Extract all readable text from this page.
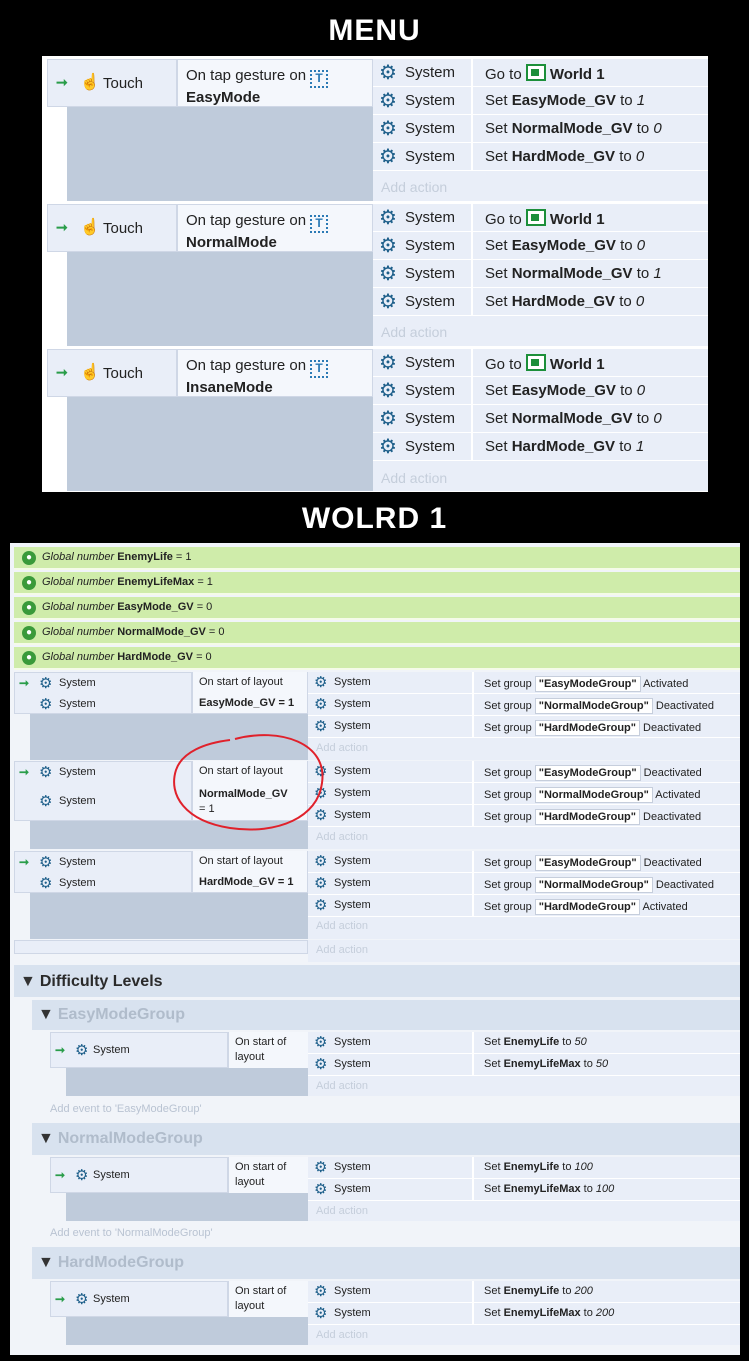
MENU
➞ ☝ Touch	On tap gesture on T
EasyMode
⚙ System	Go to World 1
⚙ System	Set EasyMode_GV to 1
⚙ System	Set NormalMode_GV to 0
⚙ System	Set HardMode_GV to 0
Add action
➞ ☝ Touch	On tap gesture on T
NormalMode
⚙ System	Go to World 1
⚙ System	Set EasyMode_GV to 0
⚙ System	Set NormalMode_GV to 1
⚙ System	Set HardMode_GV to 0
Add action
➞ ☝ Touch	On tap gesture on T
InsaneMode
⚙ System	Go to World 1
⚙ System	Set EasyMode_GV to 0
⚙ System	Set NormalMode_GV to 0
⚙ System	Set HardMode_GV to 1
Add action
WOLRD 1
● Global number EnemyLife = 1
● Global number EnemyLifeMax = 1
● Global number EasyMode_GV = 0
● Global number NormalMode_GV = 0
● Global number HardMode_GV = 0
➞ ⚙ System
⚙ System
On start of layout
EasyMode_GV = 1
⚙ System	Set group "EasyModeGroup" Activated
⚙ System	Set group "NormalModeGroup" Deactivated
⚙ System	Set group "HardModeGroup" Deactivated
Add action
➞ ⚙ System
⚙ System
On start of layout
NormalMode_GV
= 1
⚙ System	Set group "EasyModeGroup" Deactivated
⚙ System	Set group "NormalModeGroup" Activated
⚙ System	Set group "HardModeGroup" Deactivated
Add action
➞ ⚙ System
⚙ System
On start of layout
HardMode_GV = 1
⚙ System	Set group "EasyModeGroup" Deactivated
⚙ System	Set group "NormalModeGroup" Deactivated
⚙ System	Set group "HardModeGroup" Activated
Add action
Add action
▼ Difficulty Levels
▼ EasyModeGroup
➞ ⚙ System
On start of
layout
⚙ System	Set EnemyLife to 50
⚙ System	Set EnemyLifeMax to 50
Add action
Add event to 'EasyModeGroup'
▼ NormalModeGroup
➞ ⚙ System
On start of
layout
⚙ System	Set EnemyLife to 100
⚙ System	Set EnemyLifeMax to 100
Add action
Add event to 'NormalModeGroup'
▼ HardModeGroup
➞ ⚙ System
On start of
layout
⚙ System	Set EnemyLife to 200
⚙ System	Set EnemyLifeMax to 200
Add action
